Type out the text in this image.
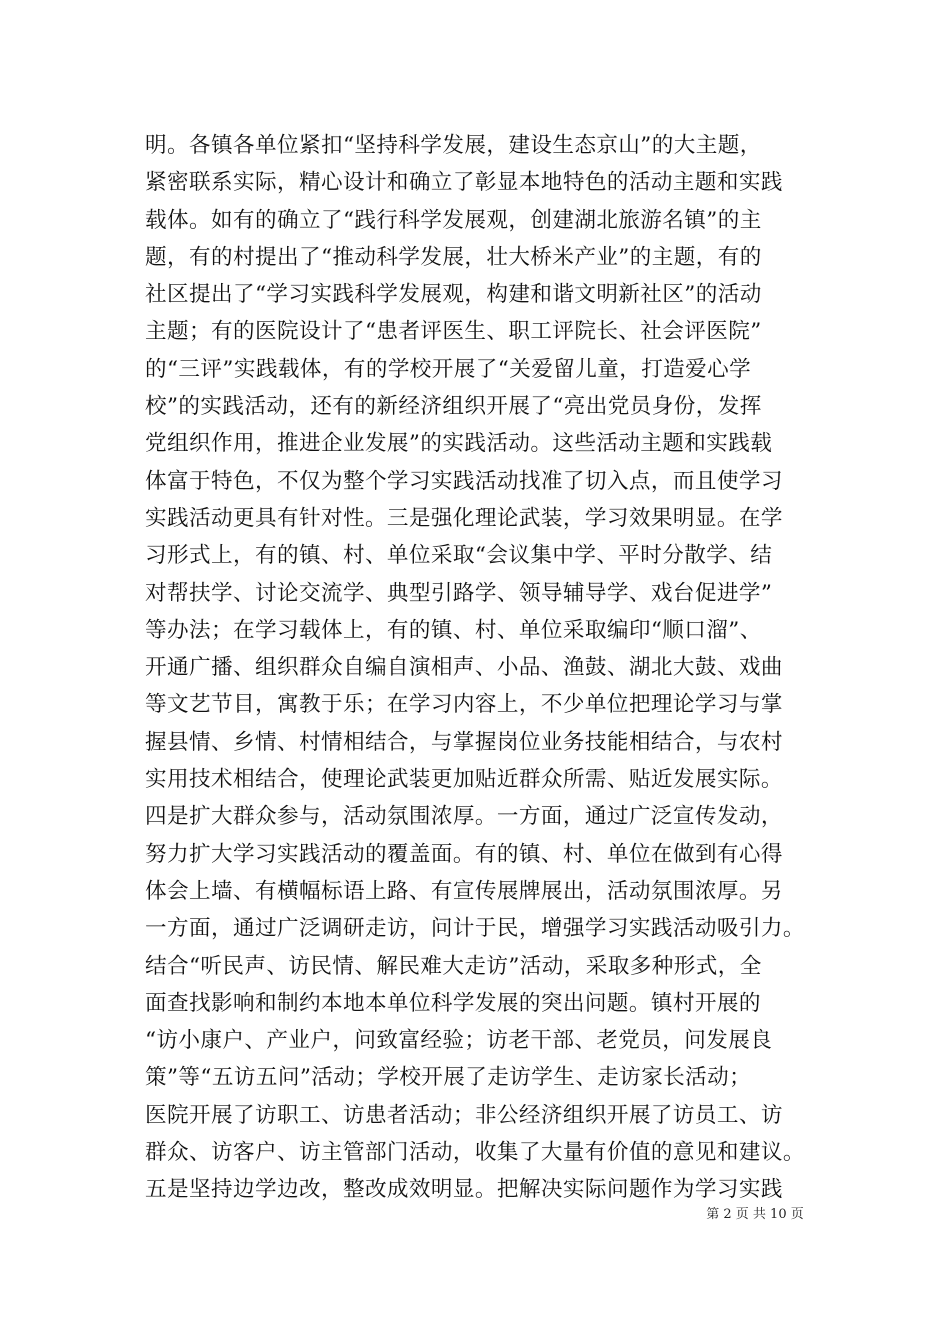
明。各镇各单位紧扣“坚持科学发展，建设生态京山”的大主题，
紧密联系实际，精心设计和确立了彰显本地特色的活动主题和实践
载体。如有的确立了“践行科学发展观，创建湖北旅游名镇”的主
题，有的村提出了“推动科学发展，壮大桥米产业”的主题，有的
社区提出了“学习实践科学发展观，构建和谐文明新社区”的活动
主题；有的医院设计了“患者评医生、职工评院长、社会评医院”
的“三评”实践载体，有的学校开展了“关爱留儿童，打造爱心学
校”的实践活动，还有的新经济组织开展了“亮出党员身份，发挥
党组织作用，推进企业发展”的实践活动。这些活动主题和实践载
体富于特色，不仅为整个学习实践活动找准了切入点，而且使学习
实践活动更具有针对性。三是强化理论武装，学习效果明显。在学
习形式上，有的镇、村、单位采取“会议集中学、平时分散学、结
对帮扶学、讨论交流学、典型引路学、领导辅导学、戏台促进学”
等办法；在学习载体上，有的镇、村、单位采取编印“顺口溜”、
开通广播、组织群众自编自演相声、小品、渔鼓、湖北大鼓、戏曲
等文艺节目，寓教于乐；在学习内容上，不少单位把理论学习与掌
握县情、乡情、村情相结合，与掌握岗位业务技能相结合，与农村
实用技术相结合，使理论武装更加贴近群众所需、贴近发展实际。
四是扩大群众参与，活动氛围浓厚。一方面，通过广泛宣传发动，
努力扩大学习实践活动的覆盖面。有的镇、村、单位在做到有心得
体会上墙、有横幅标语上路、有宣传展牌展出，活动氛围浓厚。另
一方面，通过广泛调研走访，问计于民，增强学习实践活动吸引力。
结合“听民声、访民情、解民难大走访”活动，采取多种形式，全
面查找影响和制约本地本单位科学发展的突出问题。镇村开展的
“访小康户、产业户，问致富经验；访老干部、老党员，问发展良
策”等“五访五问”活动；学校开展了走访学生、走访家长活动；
医院开展了访职工、访患者活动；非公经济组织开展了访员工、访
群众、访客户、访主管部门活动，收集了大量有价值的意见和建议。
五是坚持边学边改，整改成效明显。把解决实际问题作为学习实践
第 2 页 共 10 页
